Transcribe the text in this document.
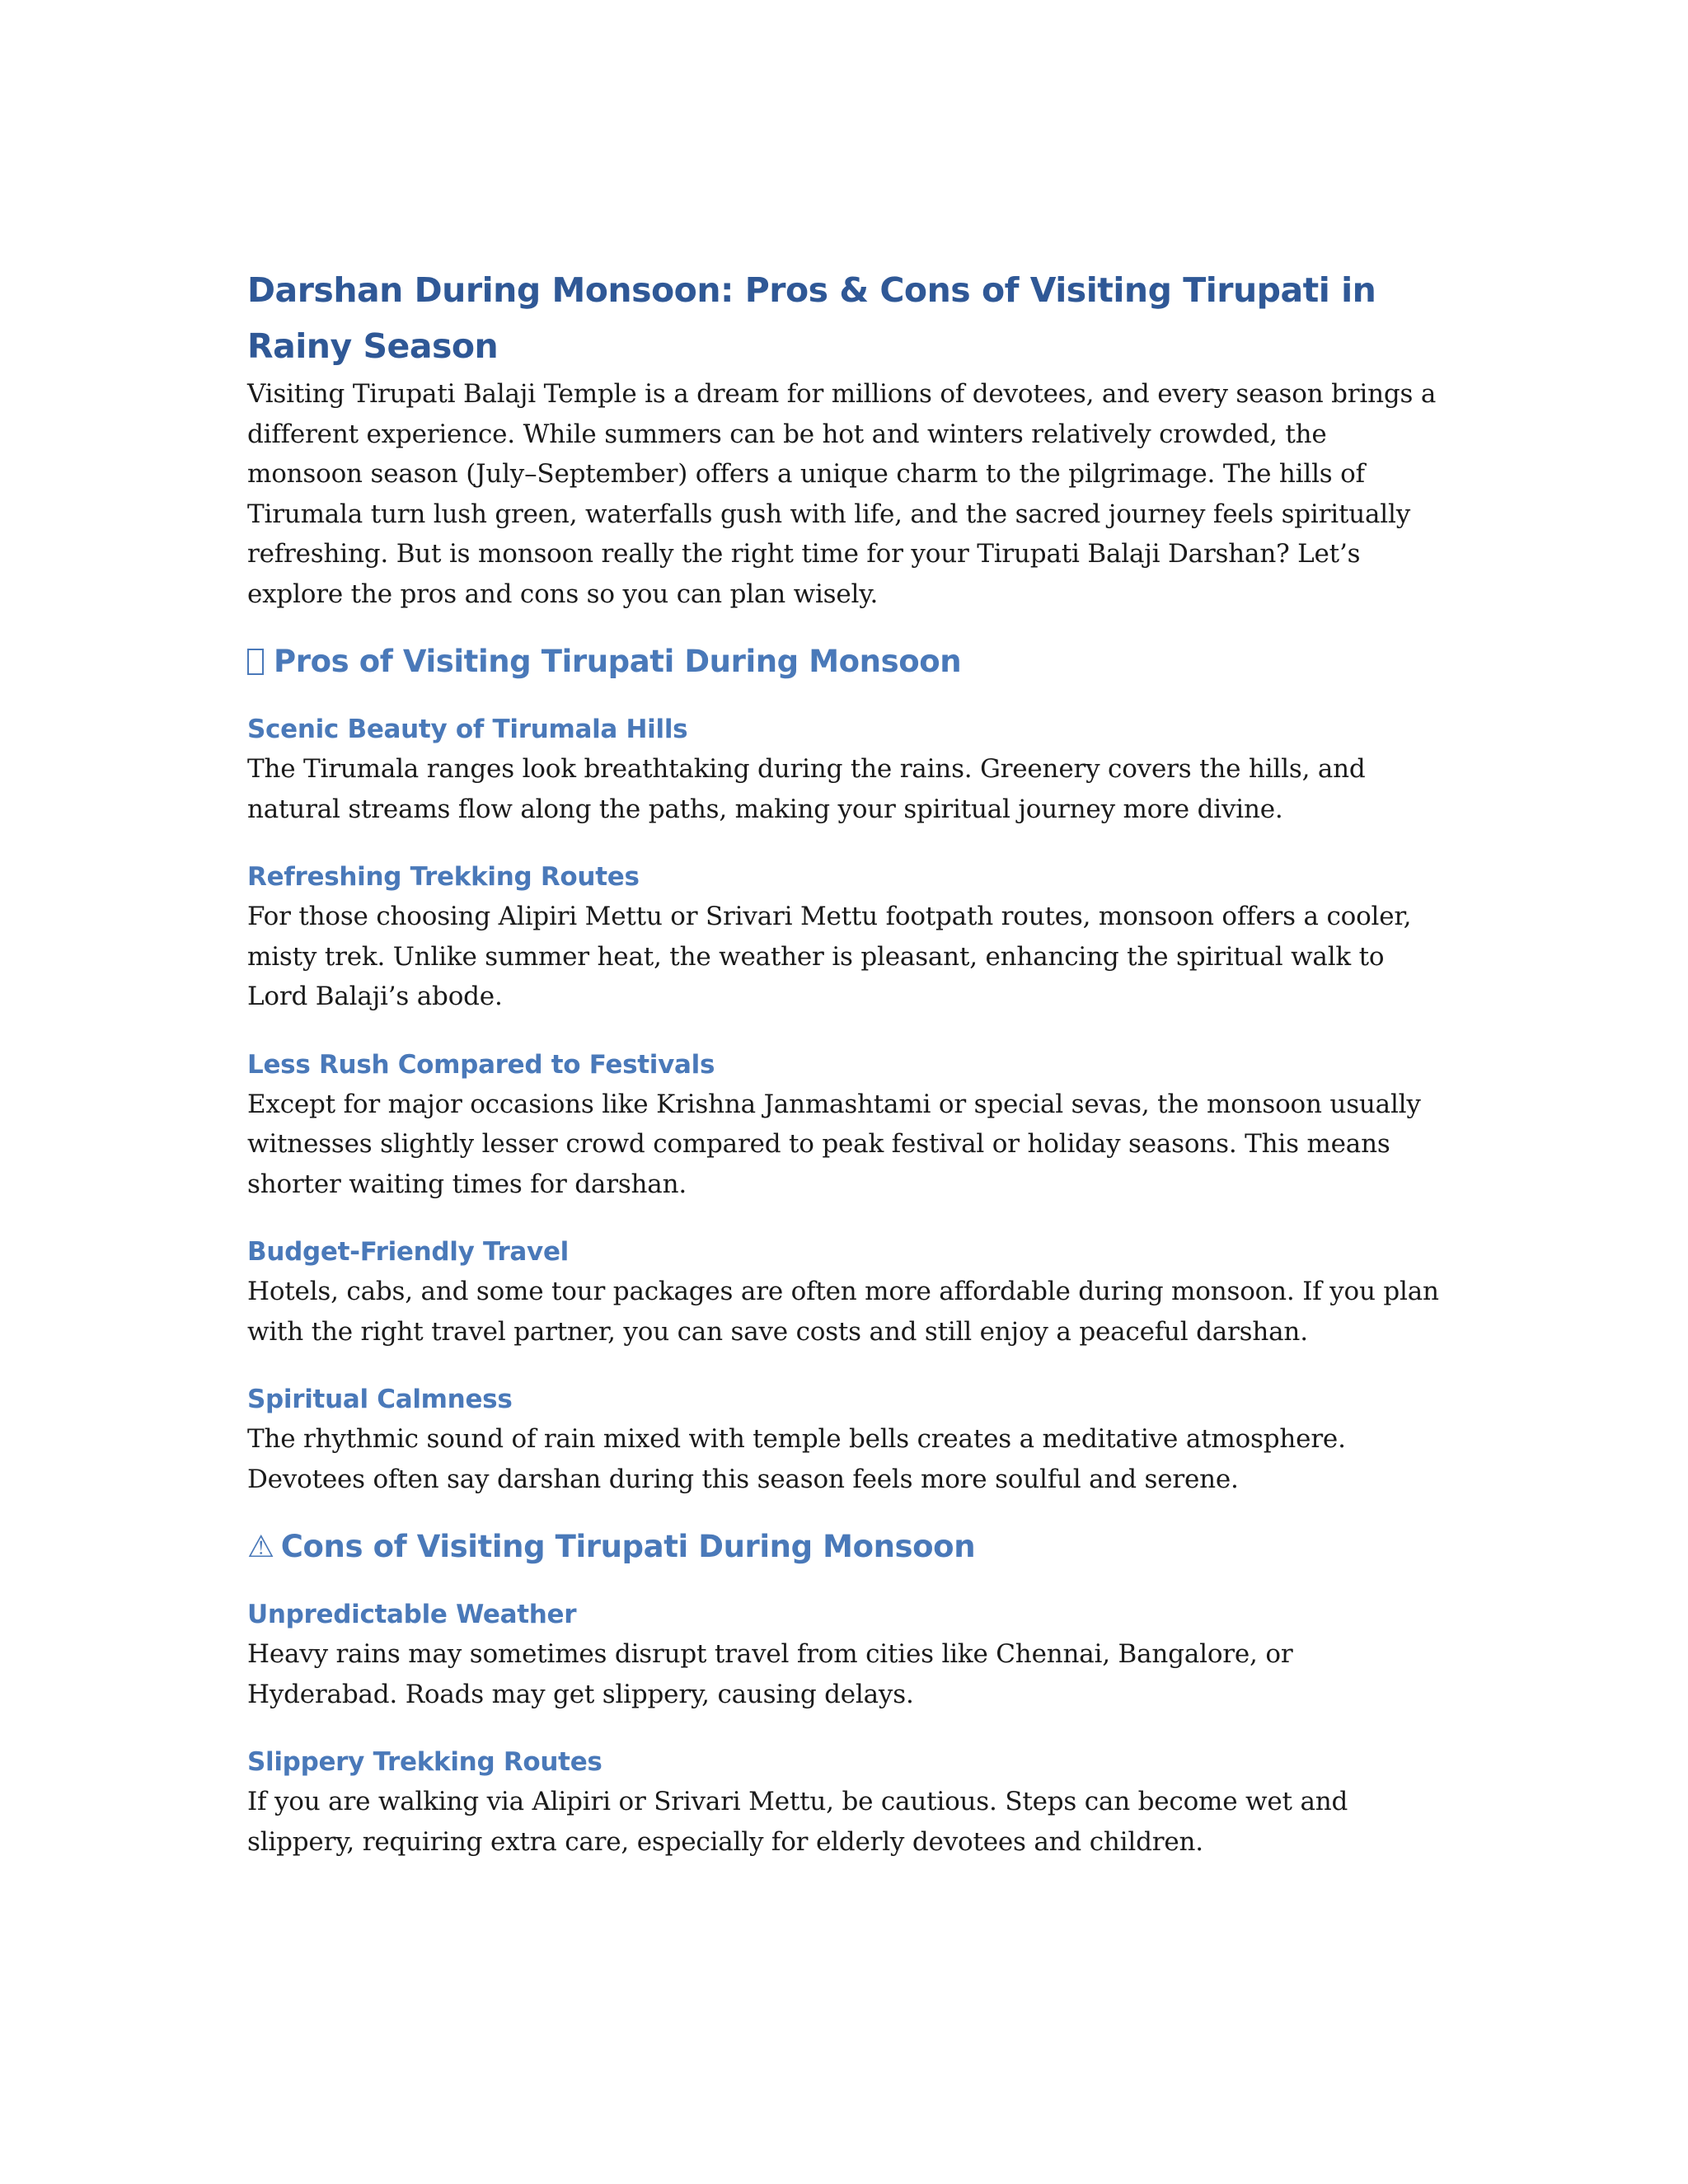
Darshan During Monsoon: Pros & Cons of Visiting Tirupati in Rainy Season

Visiting Tirupati Balaji Temple is a dream for millions of devotees, and every season brings a different experience. While summers can be hot and winters relatively crowded, the monsoon season (July–September) offers a unique charm to the pilgrimage. The hills of Tirumala turn lush green, waterfalls gush with life, and the sacred journey feels spiritually refreshing. But is monsoon really the right time for your Tirupati Balaji Darshan? Let’s explore the pros and cons so you can plan wisely.

Pros of Visiting Tirupati During Monsoon
Scenic Beauty of Tirumala Hills

The Tirumala ranges look breathtaking during the rains. Greenery covers the hills, and natural streams flow along the paths, making your spiritual journey more divine.

Refreshing Trekking Routes

For those choosing Alipiri Mettu or Srivari Mettu footpath routes, monsoon offers a cooler, misty trek. Unlike summer heat, the weather is pleasant, enhancing the spiritual walk to Lord Balaji’s abode.

Less Rush Compared to Festivals

Except for major occasions like Krishna Janmashtami or special sevas, the monsoon usually witnesses slightly lesser crowd compared to peak festival or holiday seasons. This means shorter waiting times for darshan.

Budget-Friendly Travel

Hotels, cabs, and some tour packages are often more affordable during monsoon. If you plan with the right travel partner, you can save costs and still enjoy a peaceful darshan.

Spiritual Calmness

The rhythmic sound of rain mixed with temple bells creates a meditative atmosphere. Devotees often say darshan during this season feels more soulful and serene.

⚠ Cons of Visiting Tirupati During Monsoon
Unpredictable Weather

Heavy rains may sometimes disrupt travel from cities like Chennai, Bangalore, or Hyderabad. Roads may get slippery, causing delays.

Slippery Trekking Routes

If you are walking via Alipiri or Srivari Mettu, be cautious. Steps can become wet and slippery, requiring extra care, especially for elderly devotees and children.
